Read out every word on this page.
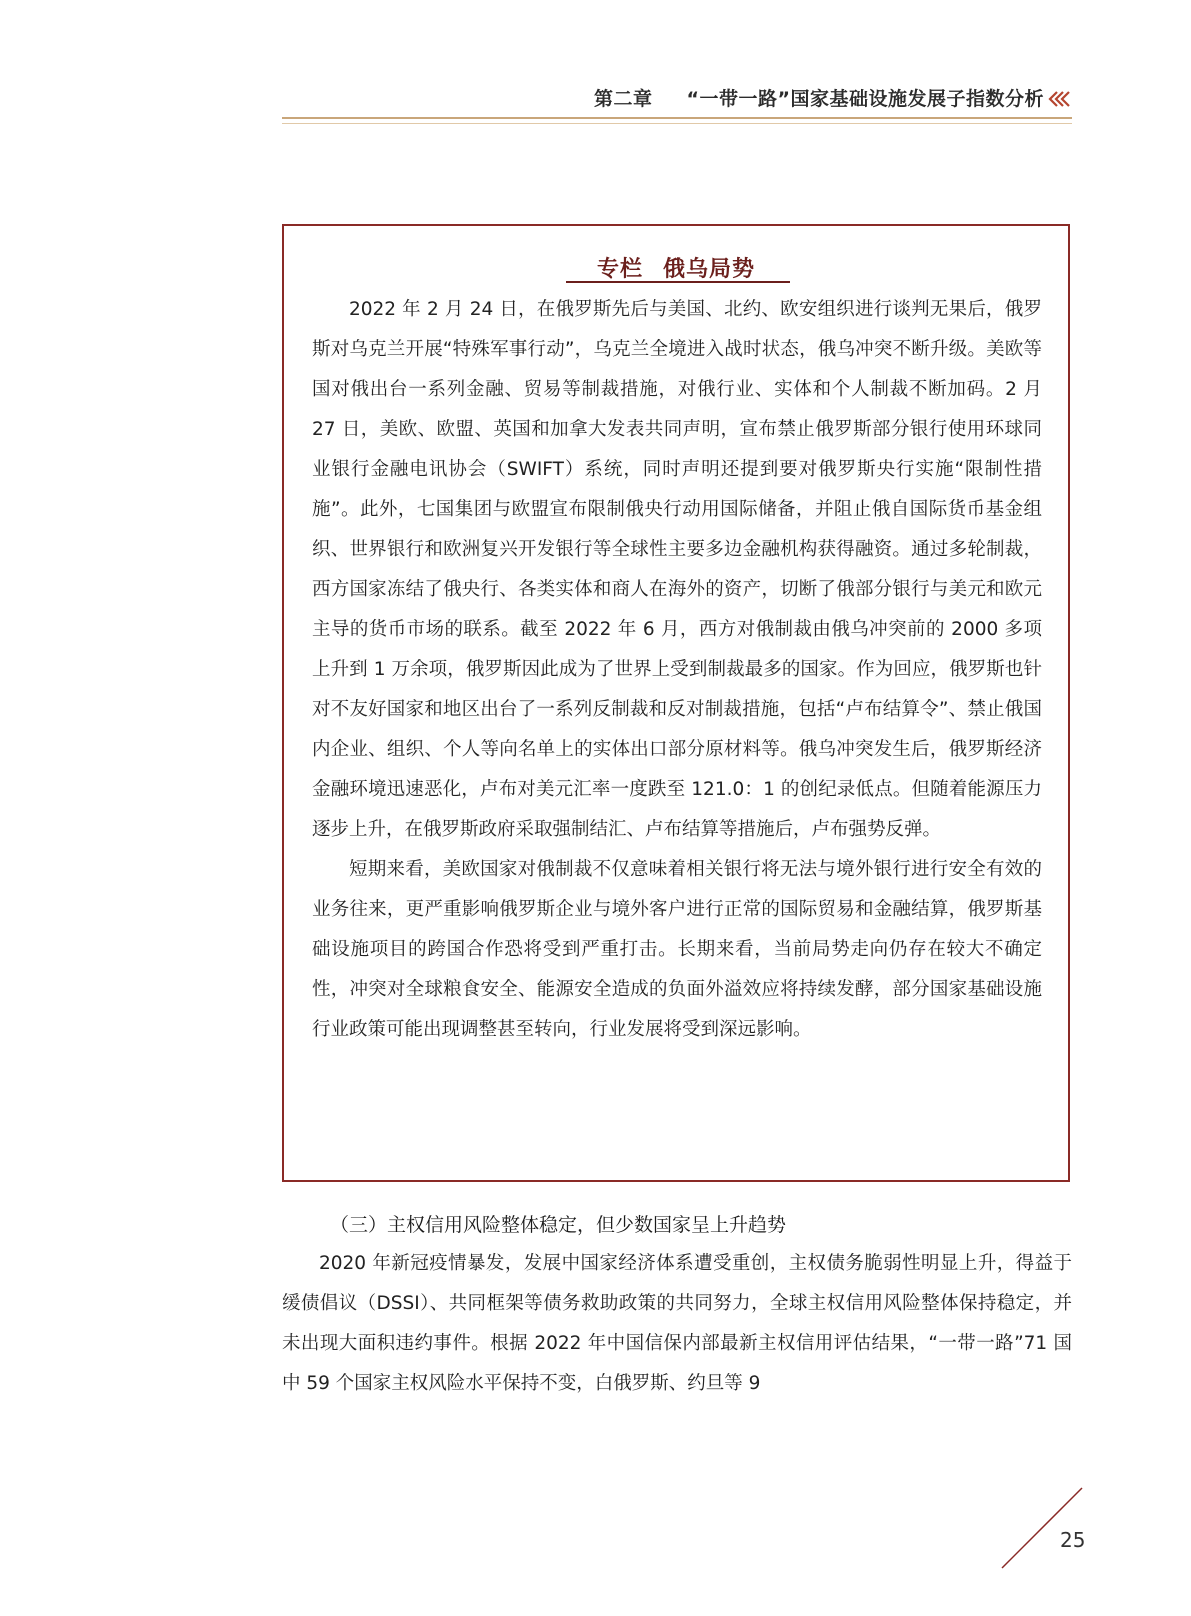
第二章 “一带一路”国家基础设施发展子指数分析
专栏 俄乌局势

2022 年 2 月 24 日，在俄罗斯先后与美国、北约、欧安组织进行谈判无果后，俄罗斯对乌克兰开展“特殊军事行动”，乌克兰全境进入战时状态，俄乌冲突不断升级。美欧等国对俄出台一系列金融、贸易等制裁措施，对俄行业、实体和个人制裁不断加码。2 月 27 日，美欧、欧盟、英国和加拿大发表共同声明，宣布禁止俄罗斯部分银行使用环球同业银行金融电讯协会（SWIFT）系统，同时声明还提到要对俄罗斯央行实施“限制性措施”。此外，七国集团与欧盟宣布限制俄央行动用国际储备，并阻止俄自国际货币基金组织、世界银行和欧洲复兴开发银行等全球性主要多边金融机构获得融资。通过多轮制裁，西方国家冻结了俄央行、各类实体和商人在海外的资产，切断了俄部分银行与美元和欧元主导的货币市场的联系。截至 2022 年 6 月，西方对俄制裁由俄乌冲突前的 2000 多项上升到 1 万余项，俄罗斯因此成为了世界上受到制裁最多的国家。作为回应，俄罗斯也针对不友好国家和地区出台了一系列反制裁和反对制裁措施，包括“卢布结算令”、禁止俄国内企业、组织、个人等向名单上的实体出口部分原材料等。俄乌冲突发生后，俄罗斯经济金融环境迅速恶化，卢布对美元汇率一度跌至 121.0：1 的创纪录低点。但随着能源压力逐步上升，在俄罗斯政府采取强制结汇、卢布结算等措施后，卢布强势反弹。

短期来看，美欧国家对俄制裁不仅意味着相关银行将无法与境外银行进行安全有效的业务往来，更严重影响俄罗斯企业与境外客户进行正常的国际贸易和金融结算，俄罗斯基础设施项目的跨国合作恐将受到严重打击。长期来看，当前局势走向仍存在较大不确定性，冲突对全球粮食安全、能源安全造成的负面外溢效应将持续发酵，部分国家基础设施行业政策可能出现调整甚至转向，行业发展将受到深远影响。

（三）主权信用风险整体稳定，但少数国家呈上升趋势

2020 年新冠疫情暴发，发展中国家经济体系遭受重创，主权债务脆弱性明显上升，得益于缓债倡议（DSSI）、共同框架等债务救助政策的共同努力，全球主权信用风险整体保持稳定，并未出现大面积违约事件。根据 2022 年中国信保内部最新主权信用评估结果，“一带一路”71 国中 59 个国家主权风险水平保持不变，白俄罗斯、约旦等 9

25
